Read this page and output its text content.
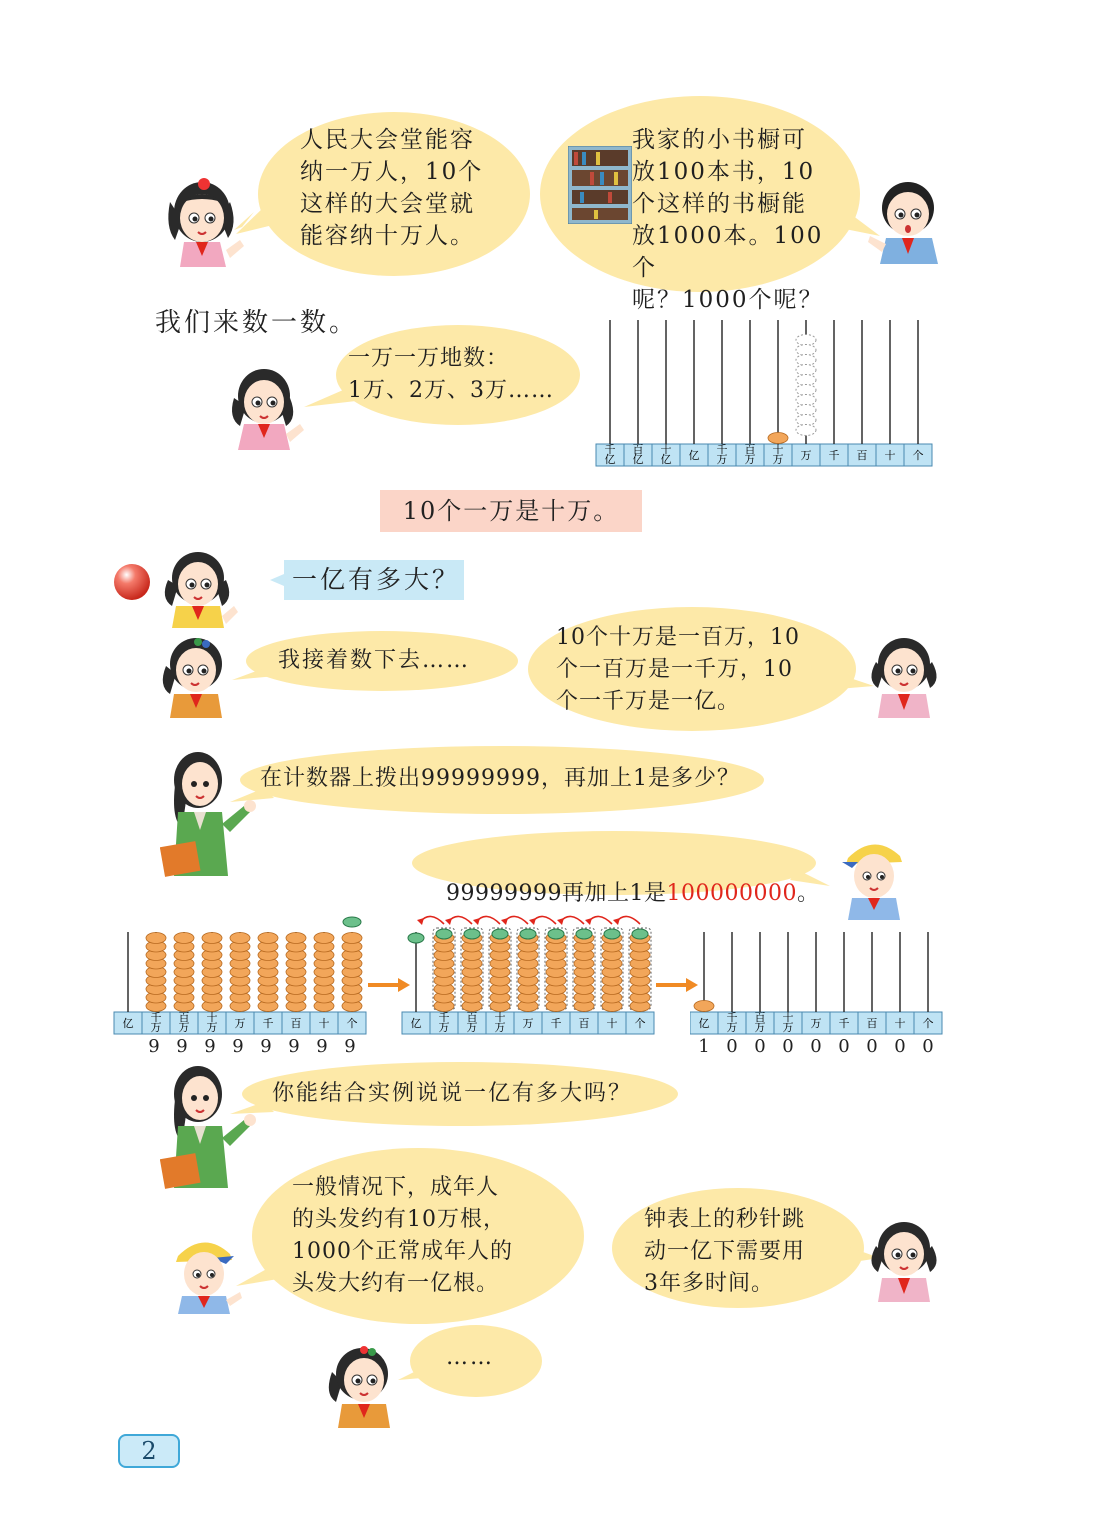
人民大会堂能容
纳一万人，10个
这样的大会堂就
能容纳十万人。
我家的小书橱可
放100本书，10
个这样的书橱能
放1000本。100个
呢？1000个呢？
我们来数一数。
一万一万地数：
1万、2万、3万……
千亿
百亿
十亿 亿 千万
百万
十万 万 千 百 十 个
10个一万是十万。
一亿有多大？
我接着数下去……
10个十万是一百万，10
个一百万是一千万，10
个一千万是一亿。
在计数器上拨出99999999，再加上1是多少？

99999999再加上1是100000000。

亿 千万
百万
十万 万 千 百 十 个	亿 千万
百万
十万 万 千 百 十 个	亿 千万
百万
十万 万 千 百 十 个
9 9 9 9 9 9 9 9	1 0 0 0 0 0 0 0 0
你能结合实例说说一亿有多大吗？
一般情况下，成年人
的头发约有10万根，
1000个正常成年人的
头发大约有一亿根。
钟表上的秒针跳
动一亿下需要用
3年多时间。
……
2
